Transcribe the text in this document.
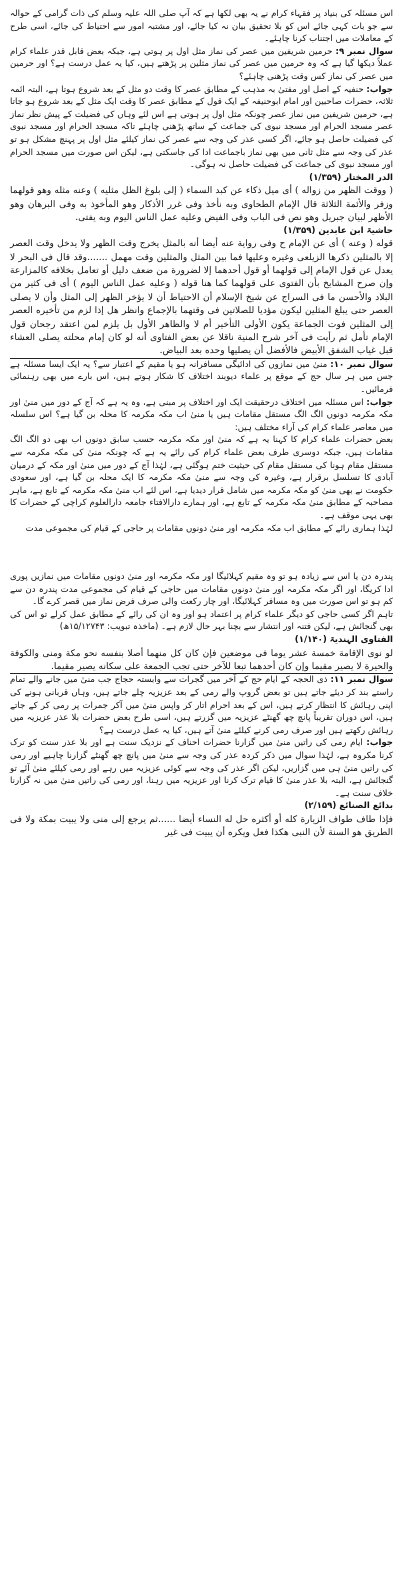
اس مسئلہ کی بنیاد پر فقہاء کرام نے یہ بھی لکھا ہے کہ آپ صلی اللہ علیہ وسلم کی ذات گرامی کے حوالہ سے جو بات کہی جائے اس کو بلا تحقیق بیان نہ کیا جائے، اور مشتبہ امور سے احتیاط کی جائے، اسی طرح کے معاملات میں اجتناب کرنا چاہئے۔

سوال نمبر ۹: حرمین شریفین میں عصر کی نماز مثل اول پر ہوتی ہے، جبکہ بعض قابل قدر علماء کرام عملاً دیکھا گیا ہے کہ وہ حرمین میں عصر کی نماز مثلین پر پڑھتے ہیں، کیا یہ عمل درست ہے؟ اور حرمین میں عصر کی نماز کس وقت پڑھنی چاہئے؟

جواب: حنفیہ کے اصل اور مفتیٰ بہ مذہب کے مطابق عصر کا وقت دو مثل کے بعد شروع ہوتا ہے، البتہ ائمہ ثلاثہ، حضرات صاحبین اور امام ابوحنیفہ کے ایک قول کے مطابق عصر کا وقت ایک مثل کے بعد شروع ہو جاتا ہے، حرمین شریفین میں نماز عصر چونکہ مثل اول پر ہوتی ہے اس لئے وہاں کی فضیلت کے پیش نظر نماز عصر مسجد الحرام اور مسجد نبوی کی جماعت کے ساتھ پڑھنی چاہئے تاکہ مسجد الحرام اور مسجد نبوی کی فضیلت حاصل ہو جائے، اگر کسی عذر کی وجہ سے عصر کی نماز کیلئے مثل اول پر پہنچ مشکل ہو تو عذر کی وجہ سے مثل ثانی میں بھی نماز باجماعت ادا کی جاسکتی ہے، لیکن اس صورت میں مسجد الحرام اور مسجد نبوی کی جماعت کی فضیلت حاصل نہ ہوگی۔

الدر المختار (۱/۳۵۹)

( ووقت الظهر من زواله ) أى ميل ذكاء عن كبد السماء ( إلى بلوغ الظل مثليه ) وعنه مثله وهو قولهما وزفر والأئمة الثلاثة قال الإمام الطحاوى وبه نأخذ وفى غرر الأذكار وهو المأخوذ به وفى البرهان وهو الأظهر لبيان جبريل وهو نص فى الباب وفى الفيض وعليه عمل الناس اليوم وبه يفتى.

حاشیۃ ابن عابدین (۱/۳۵۹)

قوله ( وعنه ) أى عن الإمام ح وفى رواية عنه أيضا أنه بالمثل يخرج وقت الظهر ولا يدخل وقت العصر إلا بالمثلين ذكرها الزيلعى وغيره وعلیها فما بين المثل والمثلين وقت مهمل .......وقد قال فى البحر لا يعدل عن قول الإمام إلى قولهما أو قول أحدهما إلا لضرورة من ضعف دليل أو تعامل بخلافه كالمزارعة وإن صرح المشايخ بأن الفتوى على قولهما كما هنا قوله ( وعليه عمل الناس اليوم ) أى فى كثير من البلاد والأحسن ما فى السراج عن شيخ الإسلام أن الاحتياط أن لا يؤخر الظهر إلى المثل وأن لا يصلى العصر حتى يبلغ المثلين ليكون مؤديا للصلاتين فى وقتهما بالإجماع وانظر هل إذا لزم من تأخيره العصر إلى المثلين فوت الجماعة يكون الأولى التأخير أم لا والظاهر الأول بل يلزم لمن اعتقد رجحان قول الإمام تأمل ثم رأيت فى آخر شرح المنية ناقلا عن بعض الفتاوى أنه لو كان إمام محلته يصلى العشاء قبل غياب الشفق الأبيض فالأفضل أن يصليها وحده بعد البياض.

سوال نمبر ۱۰: منیٰ میں نمازوں کی ادائیگی مسافرانہ ہو یا مقیم کے اعتبار سے؟ یہ ایک ایسا مسئلہ ہے جس میں ہر سال حج کے موقع پر علماء دیوبند اختلاف کا شکار ہوتے ہیں، اس بارے میں بھی رہنمائی فرمائیں۔

جواب: اس مسئلہ میں اختلاف درحقیقت ایک اور اختلاف پر مبنی ہے، وہ یہ ہے کہ آج کے دور میں منیٰ اور مکہ مکرمہ دونوں الگ الگ مستقل مقامات ہیں یا منیٰ اب مکہ مکرمہ کا محلہ بن گیا ہے؟ اس سلسلہ میں معاصر علماء کرام کی آراء مختلف ہیں:

بعض حضرات علماء کرام کا کہنا یہ ہے کہ منیٰ اور مکہ مکرمہ حسب سابق دونوں اب بھی دو الگ الگ مقامات ہیں، جبکہ دوسری طرف بعض علماء کرام کی رائے یہ ہے کہ چونکہ منیٰ کی مکہ مکرمہ سے مستقل مقام ہونا کی مستقل مقام کی حیثیت ختم ہوگئی ہے، لہٰذا آج کے دور میں منیٰ اور مکہ کے درمیان آبادی کا تسلسل برقرار ہے، وغیرہ کی وجہ سے منیٰ مکہ مکرمہ کا ایک محلہ بن گیا ہے، اور سعودی حکومت نے بھی منیٰ کو مکہ مکرمہ میں شامل قرار دیدیا ہے، اس لئے اب منیٰ مکہ مکرمہ کے تابع ہے، ماہر مصاحبہ کے مطابق منیٰ مکہ مکرمہ کے تابع ہے، اور ہمارے دارالافتاء جامعہ دارالعلوم کراچی کے حضرات کا بھی یہی موقف ہے۔

لہٰذا ہماری رائے کے مطابق اب مکہ مکرمہ اور منیٰ دونوں مقامات پر حاجی کے قیام کی مجموعی مدت

پندرہ دن یا اس سے زیادہ ہو تو وہ مقیم کہلائیگا اور مکہ مکرمہ اور منیٰ دونوں مقامات میں نمازیں پوری ادا کریگا، اور اگر مکہ مکرمہ اور منیٰ دونوں مقامات میں حاجی کے قیام کی مجموعی مدت پندرہ دن سے کم ہو تو اس صورت میں وہ مسافر کہلائیگا، اور چار رکعت والی صرف فرض نماز میں قصر کرے گا۔

تاہم اگر کسی حاجی کو دیگر علماء کرام پر اعتماد ہو اور وہ ان کی رائے کے مطابق عمل کرلے تو اس کی بھی گنجائش ہے، لیکن فتنہ اور انتشار سے بچنا بہر حال لازم ہے۔ (ماخذہ تبویب: ۱۵/۱۲۷۴۳ھ)

الفتاوی الہندیۃ (۱/۱۴۰)

لو نوى الإقامة خمسة عشر يوما فى موضعين فإن كان كل منهما أصلا بنفسه نحو مكة ومنى والكوفة والحيرة لا يصير مقيما وإن كان أحدهما تبعا للآخر حتى تجب الجمعة على سكانه يصير مقيما.

سوال نمبر ۱۱: ذی الحجہ کے ایام حج کے آخر میں گجرات سے وابستہ حجاج جب منیٰ میں جانے والے تمام راستے بند کر دیئے جاتے ہیں تو بعض گروپ والے رمی کے بعد عزیزیہ چلے جاتے ہیں، وہاں قربانی ہونے کی اپنی رہائش کا انتظار کرتے ہیں، اس کے بعد احرام اتار کر واپس منیٰ میں آکر جمرات پر رمی کر کے جاتے ہیں، اس دوران تقریباً پانچ چھ گھنٹے عزیزیہ میں گزرتے ہیں، اسی طرح بعض حضرات بلا عذر عزیزیہ میں رہائش رکھتے ہیں اور صرف رمی کرنے کیلئے منیٰ آتے ہیں، کیا یہ عمل درست ہے؟

جواب: ایام رمی کی راتیں منیٰ میں گزارنا حضرات احناف کے نزدیک سنت ہے اور بلا عذر سنت کو ترک کرنا مکروہ ہے، لہٰذا سوال میں ذکر کردہ عذر کی وجہ سے منیٰ میں پانچ چھ گھنٹے گزارنا چاہیے اور رمی کی راتیں منیٰ ہی میں گزاریں، لیکن اگر عذر کی وجہ سے کوئی عزیزیہ میں رہے اور رمی کیلئے منیٰ آئے تو گنجائش ہے، البتہ بلا عذر منیٰ کا قیام ترک کرنا اور عزیزیہ میں رہنا، اور رمی کی راتیں منیٰ میں نہ گزارنا خلاف سنت ہے۔

بدائع الصنائع (۲/۱۵۹)

فإذا طاف طواف الزيارة كله أو أكثره حل له النساء أيضا ......ثم يرجع إلى منى ولا يبيت بمكة ولا فى الطريق هو السنة لأن النبى هكذا فعل ويكره أن يبيت فى غير
